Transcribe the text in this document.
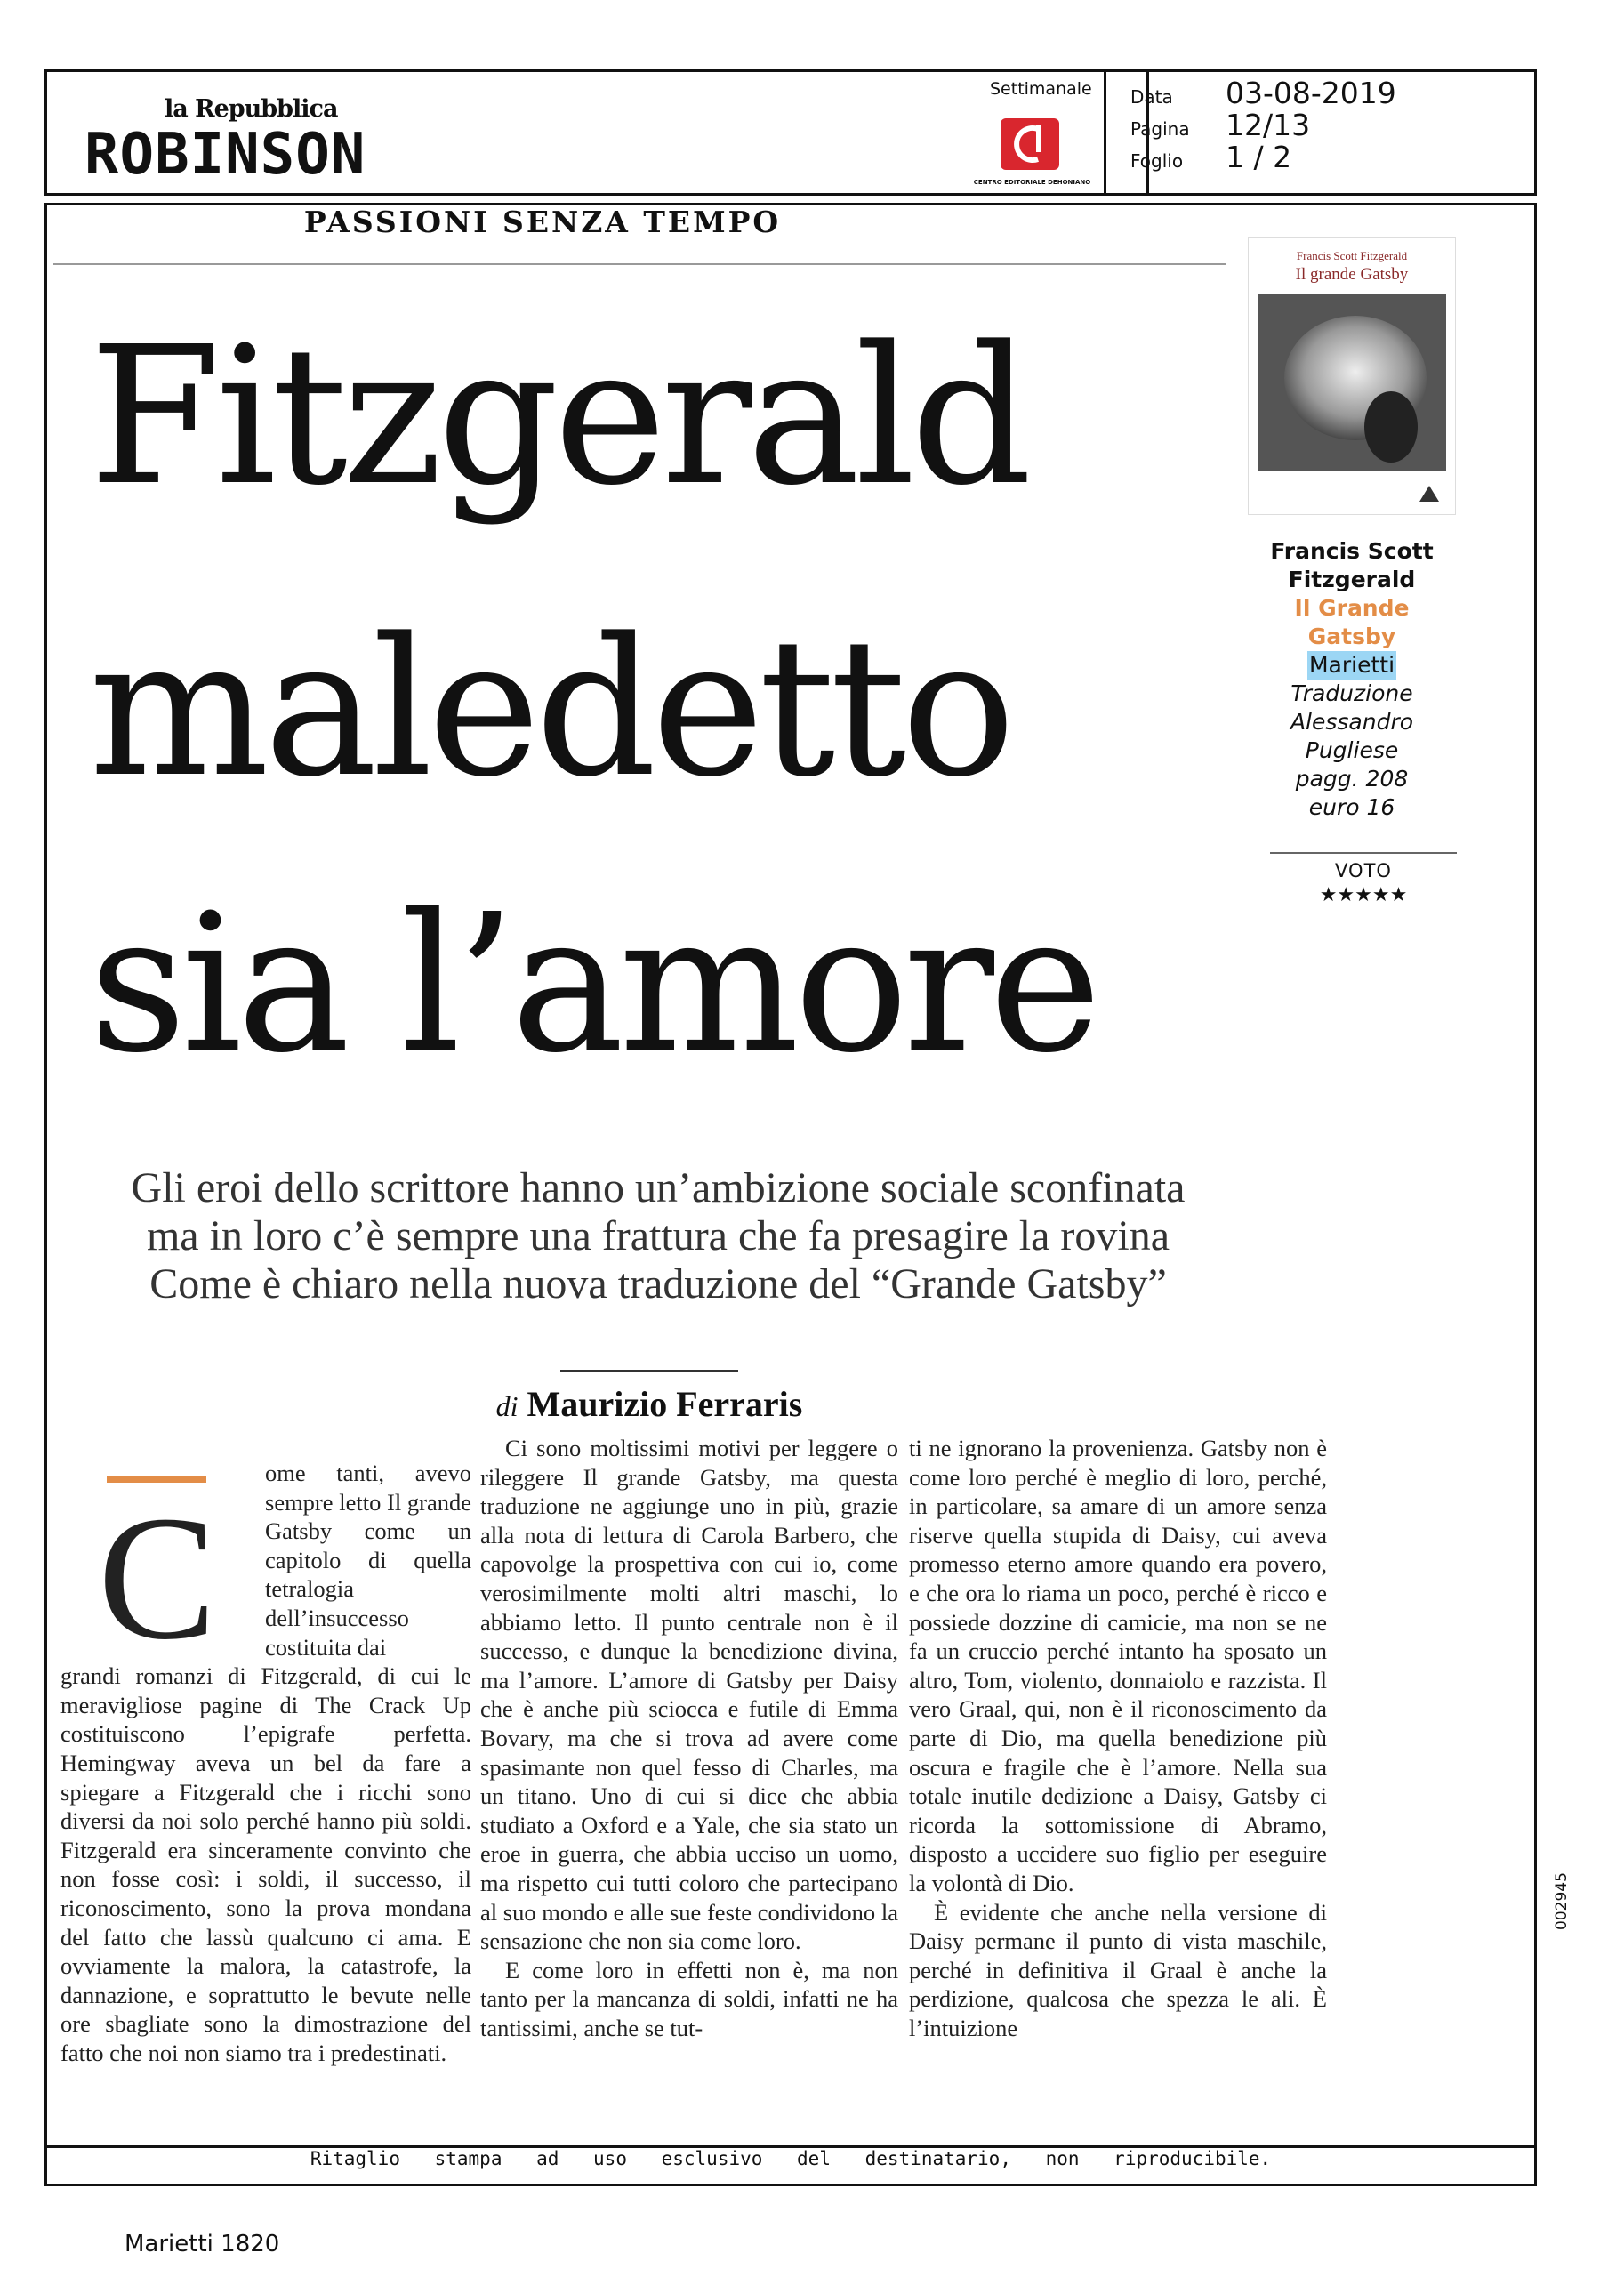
la Repubblica
ROBINSON
Settimanale
CENTRO EDITORIALE DEHONIANO
Data 03-08-2019
Pagina 12/13
Foglio 1 / 2
PASSIONI SENZA TEMPO
Fitzgerald
maledetto
sia l’amore
Gli eroi dello scrittore hanno un’ambizione sociale sconfinata
ma in loro c’è sempre una frattura che fa presagire la rovina
Come è chiaro nella nuova traduzione del “Grande Gatsby”
di Maurizio Ferraris
C

ome tanti, avevo sempre letto Il grande Gatsby come un capitolo di quella tetralogia dell’insuccesso costituita dai

grandi romanzi di Fitzgerald, di cui le meravigliose pagine di The Crack Up costituiscono l’epigrafe perfetta. Hemingway aveva un bel da fare a spiegare a Fitzgerald che i ricchi sono diversi da noi solo perché hanno più soldi. Fitzgerald era sinceramente convinto che non fosse così: i soldi, il successo, il riconoscimento, sono la prova mondana del fatto che lassù qualcuno ci ama. E ovviamente la malora, la catastrofe, la dannazione, e soprattutto le bevute nelle ore sbagliate sono la dimostrazione del fatto che noi non siamo tra i predestinati.

Ci sono moltissimi motivi per leggere o rileggere Il grande Gatsby, ma questa traduzione ne aggiunge uno in più, grazie alla nota di lettura di Carola Barbero, che capovolge la prospettiva con cui io, come verosimilmente molti altri maschi, lo abbiamo letto. Il punto centrale non è il successo, e dunque la benedizione divina, ma l’amore. L’amore di Gatsby per Daisy che è anche più sciocca e futile di Emma Bovary, ma che si trova ad avere come spasimante non quel fesso di Charles, ma un titano. Uno di cui si dice che abbia studiato a Oxford e a Yale, che sia stato un eroe in guerra, che abbia ucciso un uomo, ma rispetto cui tutti coloro che partecipano al suo mondo e alle sue feste condividono la sensazione che non sia come loro.

E come loro in effetti non è, ma non tanto per la mancanza di soldi, infatti ne ha tantissimi, anche se tut-

ti ne ignorano la provenienza. Gatsby non è come loro perché è meglio di loro, perché, in particolare, sa amare di un amore senza riserve quella stupida di Daisy, cui aveva promesso eterno amore quando era povero, e che ora lo riama un poco, perché è ricco e possiede dozzine di camicie, ma non se ne fa un cruccio perché intanto ha sposato un altro, Tom, violento, donnaiolo e razzista. Il vero Graal, qui, non è il riconoscimento da parte di Dio, ma quella benedizione più oscura e fragile che è l’amore. Nella sua totale inutile dedizione a Daisy, Gatsby ci ricorda la sottomissione di Abramo, disposto a uccidere suo figlio per eseguire la volontà di Dio.

È evidente che anche nella versione di Daisy permane il punto di vista maschile, perché in definitiva il Graal è anche la perdizione, qualcosa che spezza le ali. È l’intuizione

Francis Scott Fitzgerald
Il grande Gatsby
Francis Scott
Fitzgerald
Il Grande
Gatsby
Marietti
Traduzione
Alessandro
Pugliese
pagg. 208
euro 16
VOTO
★★★★★
Ritaglio stampa ad uso esclusivo del destinatario, non riproducibile.
002945
Marietti 1820
